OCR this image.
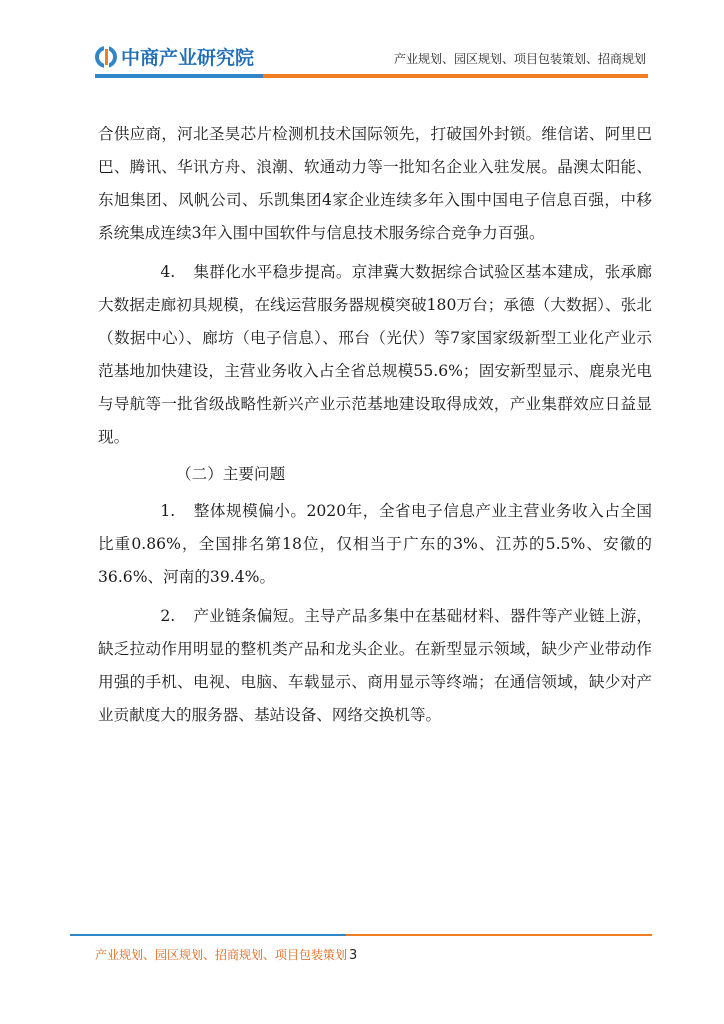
中商产业研究院	产业规划、园区规划、项目包装策划、招商规划

合供应商，河北圣昊芯片检测机技术国际领先，打破国外封锁。维信诺、阿里巴巴、腾讯、华讯方舟、浪潮、软通动力等一批知名企业入驻发展。晶澳太阳能、东旭集团、风帆公司、乐凯集团4家企业连续多年入围中国电子信息百强，中移系统集成连续3年入围中国软件与信息技术服务综合竞争力百强。

4. 集群化水平稳步提高。京津冀大数据综合试验区基本建成，张承廊大数据走廊初具规模，在线运营服务器规模突破180万台；承德（大数据）、张北（数据中心）、廊坊（电子信息）、邢台（光伏）等7家国家级新型工业化产业示范基地加快建设，主营业务收入占全省总规模55.6%；固安新型显示、鹿泉光电与导航等一批省级战略性新兴产业示范基地建设取得成效，产业集群效应日益显现。

（二）主要问题

1. 整体规模偏小。2020年，全省电子信息产业主营业务收入占全国比重0.86%，全国排名第18位，仅相当于广东的3%、江苏的5.5%、安徽的36.6%、河南的39.4%。

2. 产业链条偏短。主导产品多集中在基础材料、器件等产业链上游，缺乏拉动作用明显的整机类产品和龙头企业。在新型显示领域，缺少产业带动作用强的手机、电视、电脑、车载显示、商用显示等终端；在通信领域，缺少对产业贡献度大的服务器、基站设备、网络交换机等。

产业规划、园区规划、招商规划、项目包装策划 3
